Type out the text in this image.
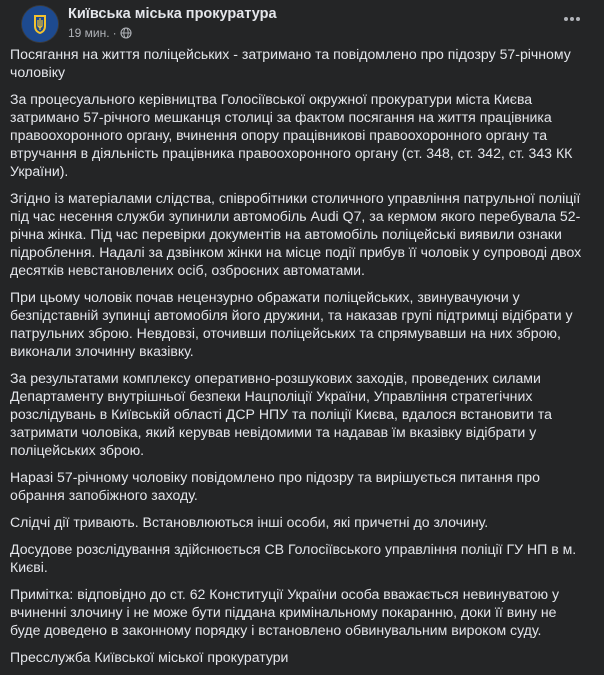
Київська міська прокуратура
19 мин. ·

Посягання на життя поліцейських - затримано та повідомлено про підозру 57-річному чоловіку

За процесуального керівництва Голосіївської окружної прокуратури міста Києва затримано 57-річного мешканця столиці за фактом посягання на життя працівника правоохоронного органу, вчинення опору працівникові правоохоронного органу та втручання в діяльність працівника правоохоронного органу (ст. 348, ст. 342, ст. 343 КК України).

Згідно із матеріалами слідства, співробітники столичного управління патрульної поліції під час несення служби зупинили автомобіль Audi Q7, за кермом якого перебувала 52-річна жінка. Під час перевірки документів на автомобіль поліцейські виявили ознаки підроблення. Надалі за дзвінком жінки на місце події прибув її чоловік у супроводі двох десятків невстановлених осіб, озброєних автоматами.

При цьому чоловік почав нецензурно ображати поліцейських, звинувачуючи у безпідставній зупинці автомобіля його дружини, та наказав групі підтримці відібрати у патрульних зброю. Невдовзі, оточивши поліцейських та спрямувавши на них зброю, виконали злочинну вказівку.

За результатами комплексу оперативно-розшукових заходів, проведених силами Департаменту внутрішньої безпеки Нацполіції України, Управління стратегічних розслідувань в Київській області ДСР НПУ та поліції Києва, вдалося встановити та затримати чоловіка, який керував невідомими та надавав їм вказівку відібрати у поліцейських зброю.

Наразі 57-річному чоловіку повідомлено про підозру та вирішується питання про обрання запобіжного заходу.

Слідчі дії тривають. Встановлюються інші особи, які причетні до злочину.

Досудове розслідування здійснюється СВ Голосіївського управління поліції ГУ НП в м. Києві.

Примітка: відповідно до ст. 62 Конституції України особа вважається невинуватою у вчиненні злочину і не може бути піддана кримінальному покаранню, доки її вину не буде доведено в законному порядку і встановлено обвинувальним вироком суду.

Пресслужба Київської міської прокуратури
